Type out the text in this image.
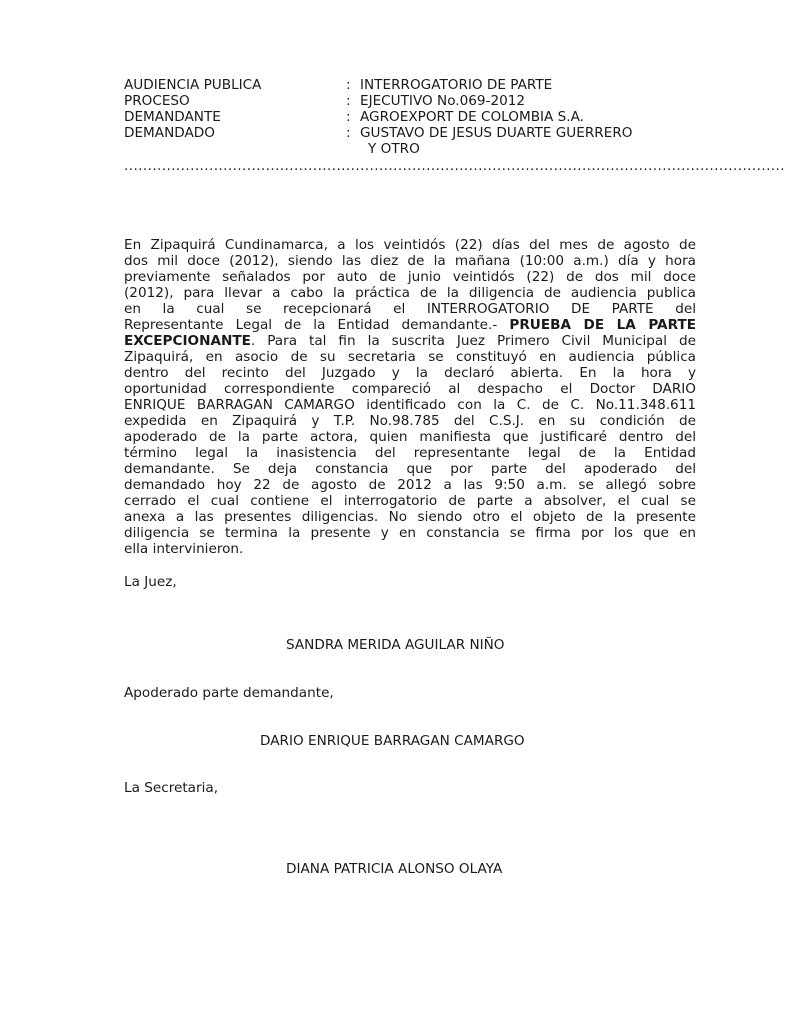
AUDIENCIA PUBLICA	: INTERROGATORIO DE PARTE
PROCESO	: EJECUTIVO No.069-2012
DEMANDANTE	: AGROEXPORT DE COLOMBIA S.A.
DEMANDADO	: GUSTAVO DE JESUS DUARTE GUERRERO
Y OTRO
............................................................................................................................................
En Zipaquirá Cundinamarca, a los veintidós (22) días del mes de agosto de
dos mil doce (2012), siendo las diez de la mañana (10:00 a.m.) día y hora
previamente señalados por auto de junio veintidós (22) de dos mil doce
(2012), para llevar a cabo la práctica de la diligencia de audiencia publica
en la cual se recepcionará el INTERROGATORIO DE PARTE del
Representante Legal de la Entidad demandante.- PRUEBA DE LA PARTE
EXCEPCIONANTE. Para tal fin la suscrita Juez Primero Civil Municipal de
Zipaquirá, en asocio de su secretaria se constituyó en audiencia pública
dentro del recinto del Juzgado y la declaró abierta. En la hora y
oportunidad correspondiente compareció al despacho el Doctor DARIO
ENRIQUE BARRAGAN CAMARGO identificado con la C. de C. No.11.348.611
expedida en Zipaquirá y T.P. No.98.785 del C.S.J. en su condición de
apoderado de la parte actora, quien manifiesta que justificaré dentro del
término legal la inasistencia del representante legal de la Entidad
demandante. Se deja constancia que por parte del apoderado del
demandado hoy 22 de agosto de 2012 a las 9:50 a.m. se allegó sobre
cerrado el cual contiene el interrogatorio de parte a absolver, el cual se
anexa a las presentes diligencias. No siendo otro el objeto de la presente
diligencia se termina la presente y en constancia se firma por los que en
ella intervinieron.
La Juez,
SANDRA MERIDA AGUILAR NIÑO
Apoderado parte demandante,
DARIO ENRIQUE BARRAGAN CAMARGO
La Secretaria,
DIANA PATRICIA ALONSO OLAYA
